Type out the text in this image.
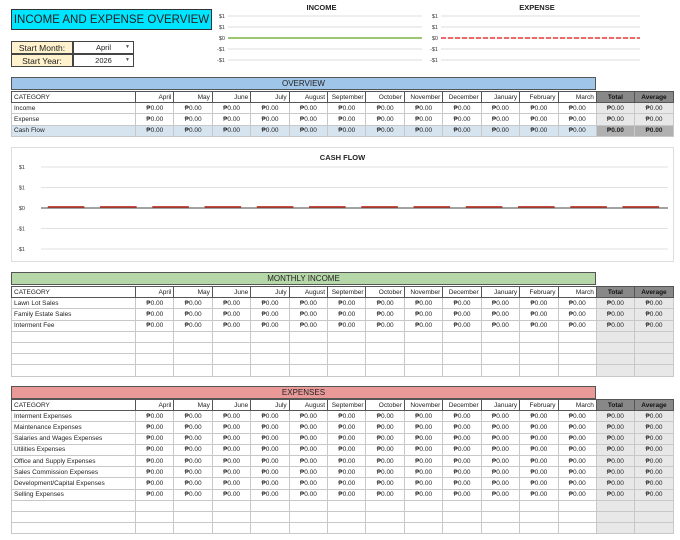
INCOME AND EXPENSE OVERVIEW
Start Month:	April	▼
Start Year:	2026	▼
INCOME
$1
$1
$0
-$1
-$1
EXPENSE
$1
$1
$0
-$1
-$1
OVERVIEW
CATEGORY	April	May	June	July	August	September	October	November	December	January	February	March	Total	Average
Income	₱0.00	₱0.00	₱0.00	₱0.00	₱0.00	₱0.00	₱0.00	₱0.00	₱0.00	₱0.00	₱0.00	₱0.00	₱0.00	₱0.00
Expense	₱0.00	₱0.00	₱0.00	₱0.00	₱0.00	₱0.00	₱0.00	₱0.00	₱0.00	₱0.00	₱0.00	₱0.00	₱0.00	₱0.00
Cash Flow	₱0.00	₱0.00	₱0.00	₱0.00	₱0.00	₱0.00	₱0.00	₱0.00	₱0.00	₱0.00	₱0.00	₱0.00	₱0.00	₱0.00
CASH FLOW
$1
$1
$0
-$1
-$1
MONTHLY INCOME
CATEGORY	April	May	June	July	August	September	October	November	December	January	February	March	Total	Average
Lawn Lot Sales	₱0.00	₱0.00	₱0.00	₱0.00	₱0.00	₱0.00	₱0.00	₱0.00	₱0.00	₱0.00	₱0.00	₱0.00	₱0.00	₱0.00
Family Estate Sales	₱0.00	₱0.00	₱0.00	₱0.00	₱0.00	₱0.00	₱0.00	₱0.00	₱0.00	₱0.00	₱0.00	₱0.00	₱0.00	₱0.00
Interment Fee	₱0.00	₱0.00	₱0.00	₱0.00	₱0.00	₱0.00	₱0.00	₱0.00	₱0.00	₱0.00	₱0.00	₱0.00	₱0.00	₱0.00

EXPENSES
CATEGORY	April	May	June	July	August	September	October	November	December	January	February	March	Total	Average
Interment Expenses	₱0.00	₱0.00	₱0.00	₱0.00	₱0.00	₱0.00	₱0.00	₱0.00	₱0.00	₱0.00	₱0.00	₱0.00	₱0.00	₱0.00
Maintenance Expenses	₱0.00	₱0.00	₱0.00	₱0.00	₱0.00	₱0.00	₱0.00	₱0.00	₱0.00	₱0.00	₱0.00	₱0.00	₱0.00	₱0.00
Salaries and Wages Expenses	₱0.00	₱0.00	₱0.00	₱0.00	₱0.00	₱0.00	₱0.00	₱0.00	₱0.00	₱0.00	₱0.00	₱0.00	₱0.00	₱0.00
Utilities Expenses	₱0.00	₱0.00	₱0.00	₱0.00	₱0.00	₱0.00	₱0.00	₱0.00	₱0.00	₱0.00	₱0.00	₱0.00	₱0.00	₱0.00
Office and Supply Expenses	₱0.00	₱0.00	₱0.00	₱0.00	₱0.00	₱0.00	₱0.00	₱0.00	₱0.00	₱0.00	₱0.00	₱0.00	₱0.00	₱0.00
Sales Commission Expenses	₱0.00	₱0.00	₱0.00	₱0.00	₱0.00	₱0.00	₱0.00	₱0.00	₱0.00	₱0.00	₱0.00	₱0.00	₱0.00	₱0.00
Development/Capital Expenses	₱0.00	₱0.00	₱0.00	₱0.00	₱0.00	₱0.00	₱0.00	₱0.00	₱0.00	₱0.00	₱0.00	₱0.00	₱0.00	₱0.00
Selling Expenses	₱0.00	₱0.00	₱0.00	₱0.00	₱0.00	₱0.00	₱0.00	₱0.00	₱0.00	₱0.00	₱0.00	₱0.00	₱0.00	₱0.00
